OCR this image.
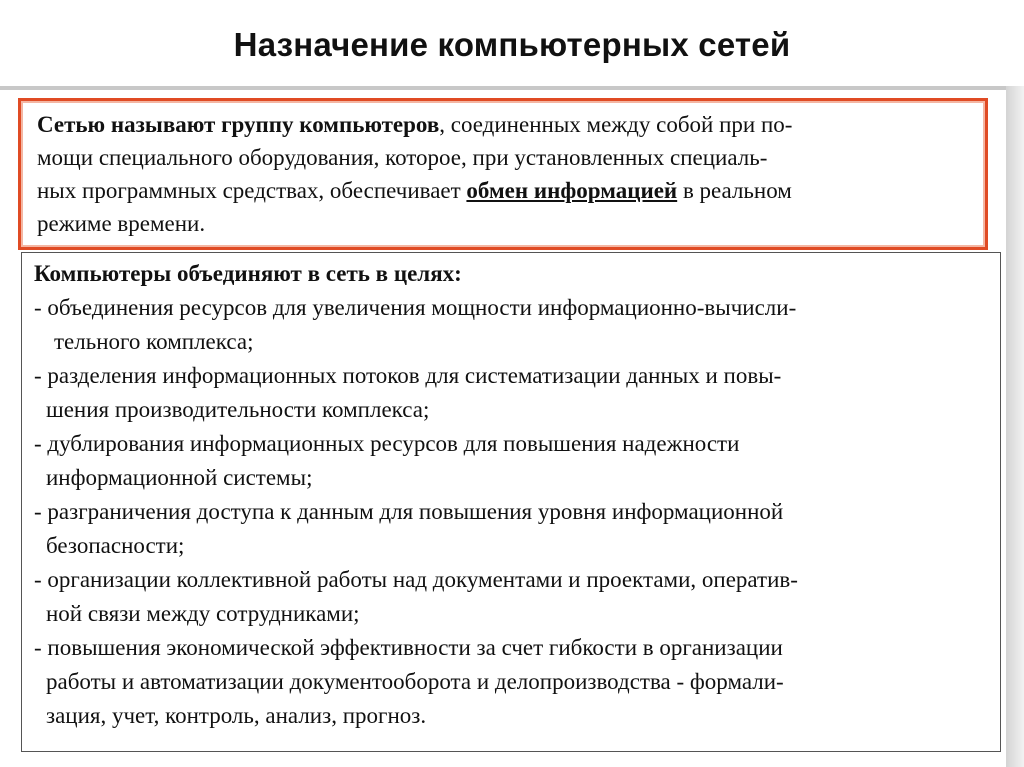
Назначение компьютерных сетей
Сетью называют группу компьютеров, соединенных между собой при по-
мощи специального оборудования, которое, при установленных специаль-
ных программных средствах, обеспечивает обмен информацией в реальном
режиме времени.
Компьютеры объединяют в сеть в целях:
- объединения ресурсов для увеличения мощности информационно-вычисли-
тельного комплекса;
- разделения информационных потоков для систематизации данных и повы-
шения производительности комплекса;
- дублирования информационных ресурсов для повышения надежности
информационной системы;
- разграничения доступа к данным для повышения уровня информационной
безопасности;
- организации коллективной работы над документами и проектами, оператив-
ной связи между сотрудниками;
- повышения экономической эффективности за счет гибкости в организации
работы и автоматизации документооборота и делопроизводства - формали-
зация, учет, контроль, анализ, прогноз.
